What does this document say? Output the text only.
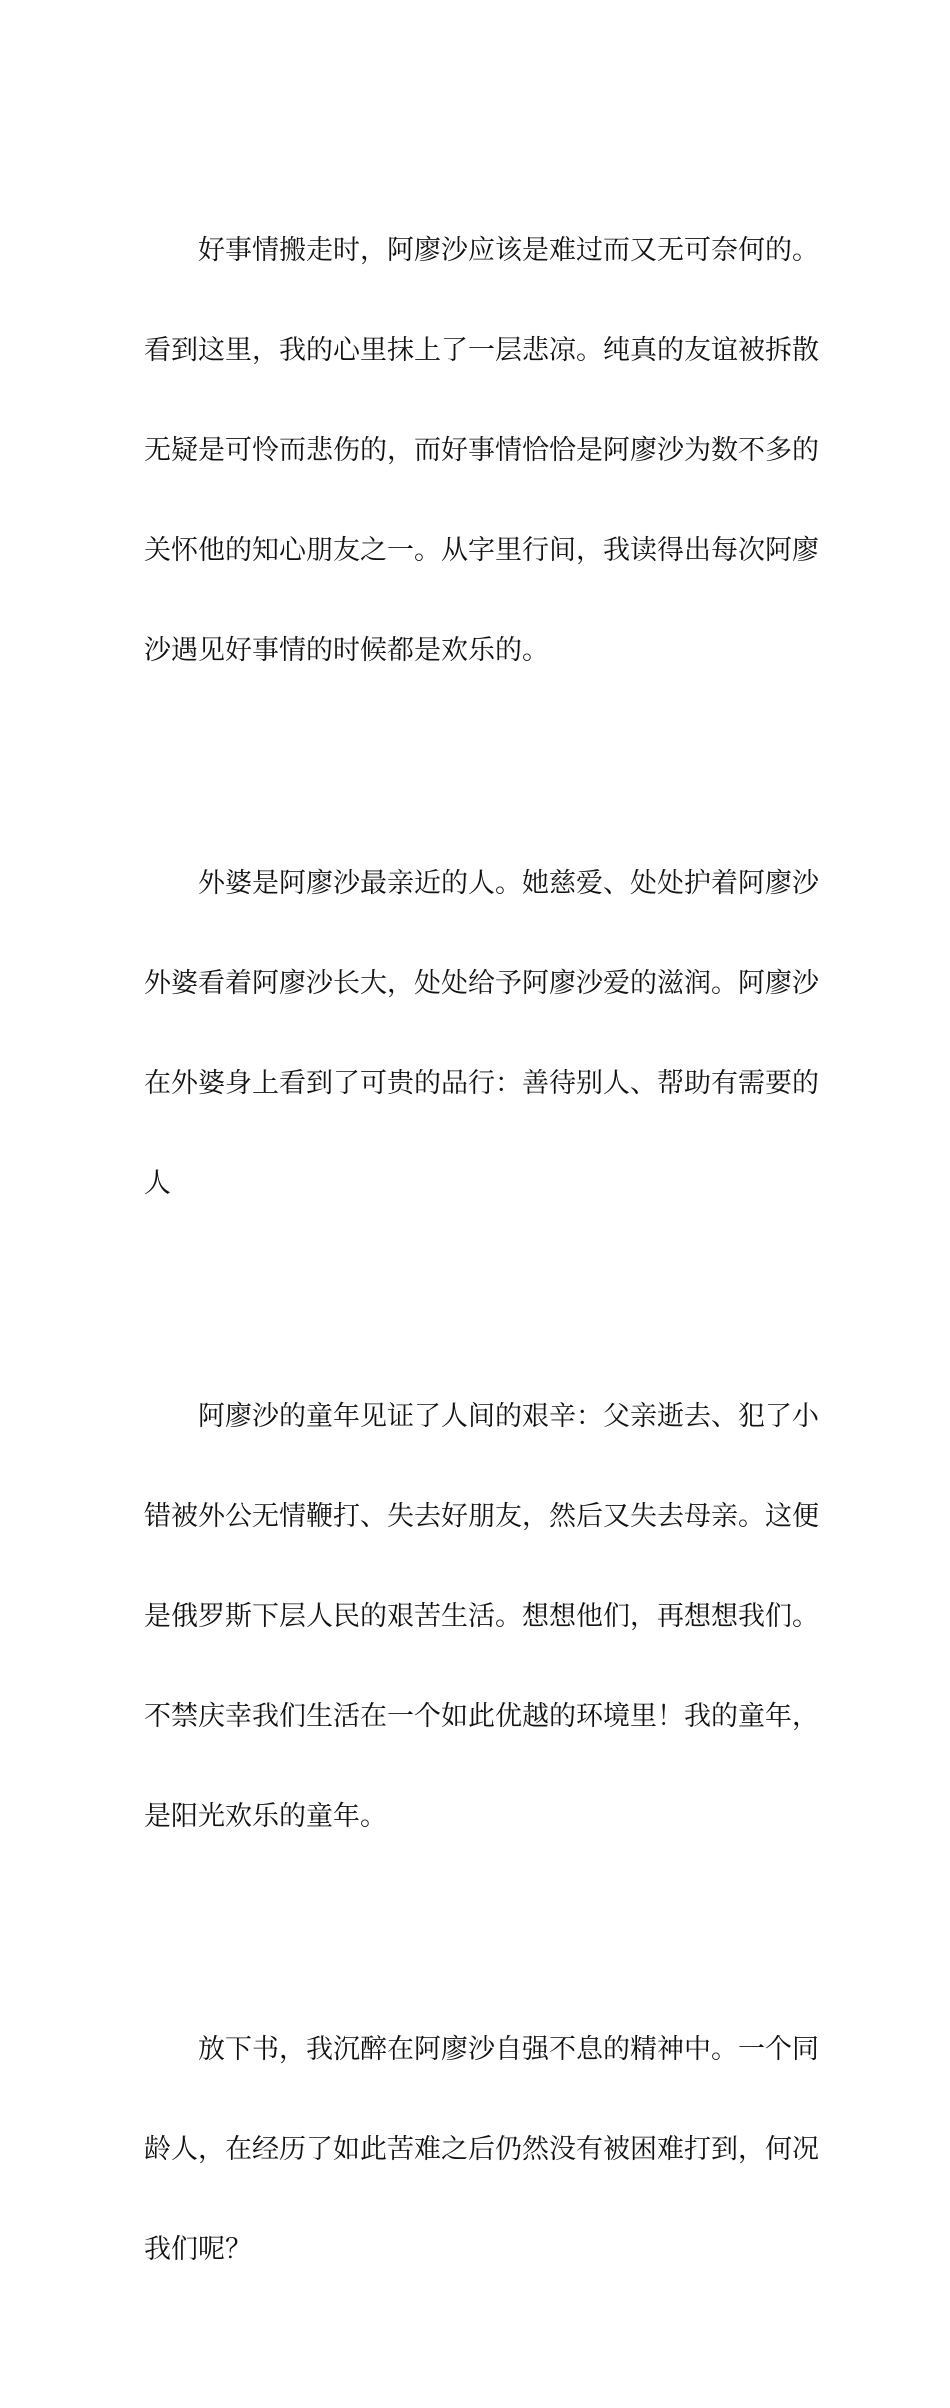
好事情搬走时，阿廖沙应该是难过而又无可奈何的。

看到这里，我的心里抹上了一层悲凉。纯真的友谊被拆散

无疑是可怜而悲伤的，而好事情恰恰是阿廖沙为数不多的

关怀他的知心朋友之一。从字里行间，我读得出每次阿廖

沙遇见好事情的时候都是欢乐的。

外婆是阿廖沙最亲近的人。她慈爱、处处护着阿廖沙

外婆看着阿廖沙长大，处处给予阿廖沙爱的滋润。阿廖沙

在外婆身上看到了可贵的品行：善待别人、帮助有需要的

人

阿廖沙的童年见证了人间的艰辛：父亲逝去、犯了小

错被外公无情鞭打、失去好朋友，然后又失去母亲。这便

是俄罗斯下层人民的艰苦生活。想想他们，再想想我们。

不禁庆幸我们生活在一个如此优越的环境里！我的童年，

是阳光欢乐的童年。

放下书，我沉醉在阿廖沙自强不息的精神中。一个同

龄人，在经历了如此苦难之后仍然没有被困难打到，何况

我们呢？
